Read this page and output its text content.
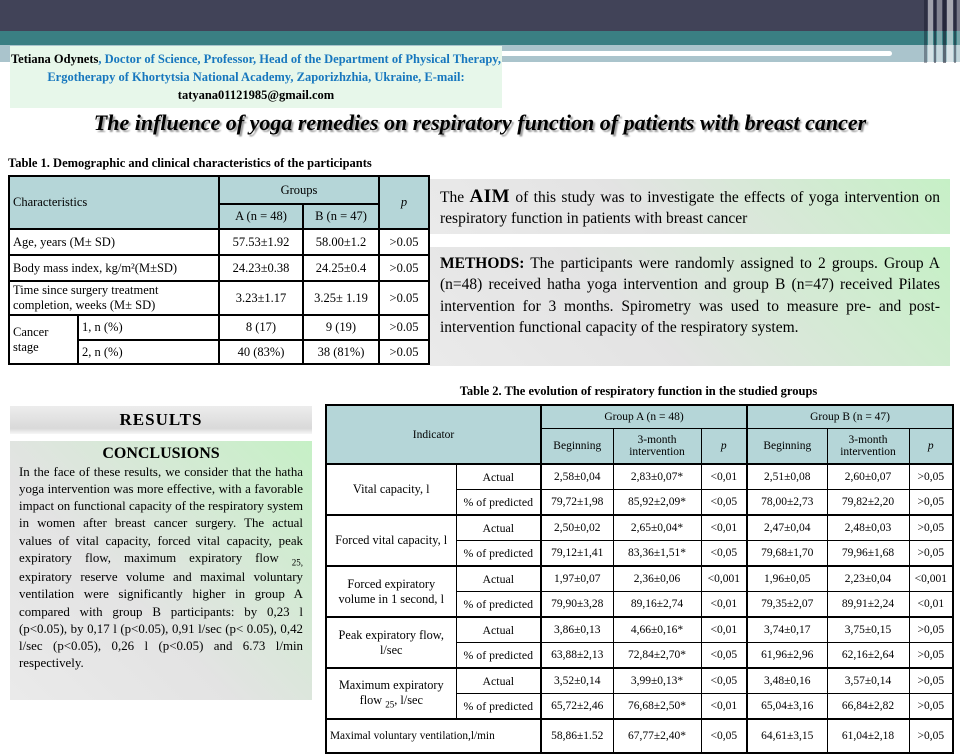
Tetiana Odynets, Doctor of Science, Professor, Head of the Department of Physical Therapy, Ergotherapy of Khortytsia National Academy, Zaporizhzhia, Ukraine, E-mail: tatyana01121985@gmail.com
The influence of yoga remedies on respiratory function of patients with breast cancer
Table 1. Demographic and clinical characteristics of the participants
Characteristics		Groups		p
		A (n = 48)	B (n = 47)	
Age, years (M± SD)		57.53±1.92	58.00±1.2	>0.05
Body mass index, kg/m²(M±SD)		24.23±0.38	24.25±0.4	>0.05
Time since surgery treatment completion, weeks (M± SD)		3.23±1.17	3.25± 1.19	>0.05
Cancer stage	1, n (%)	8 (17)	9 (19)	>0.05
	2, n (%)	40 (83%)	38 (81%)	>0.05
The AIM of this study was to investigate the effects of yoga intervention on respiratory function in patients with breast cancer
METHODS: The participants were randomly assigned to 2 groups. Group A (n=48) received hatha yoga intervention and group B (n=47) received Pilates intervention for 3 months. Spirometry was used to measure pre- and post-intervention functional capacity of the respiratory system.
Table 2. The evolution of respiratory function in the studied groups
RESULTS
CONCLUSIONS
In the face of these results, we consider that the hatha yoga intervention was more effective, with a favorable impact on functional capacity of the respiratory system in women after breast cancer surgery. The actual values of vital capacity, forced vital capacity, peak expiratory flow, maximum expiratory flow $_{25,}$ expiratory reserve volume and maximal voluntary ventilation were significantly higher in group A compared with group B participants: by 0,23 l (p<0.05), by 0,17 l (p<0.05), 0,91 l/sec (p< 0.05), 0,42 l/sec (p<0.05), 0,26 l (p<0.05) and 6.73 l/min respectively.
Indicator		Group A (n = 48)			Group B (n = 47)		
		Beginning	3-month intervention	p	Beginning	3-month intervention	p
Vital capacity, l	Actual	2,58±0,04	2,83±0,07*	<0,01	2,51±0,08	2,60±0,07	>0,05
	% of predicted	79,72±1,98	85,92±2,09*	<0,05	78,00±2,73	79,82±2,20	>0,05
Forced vital capacity, l	Actual	2,50±0,02	2,65±0,04*	<0,01	2,47±0,04	2,48±0,03	>0,05
	% of predicted	79,12±1,41	83,36±1,51*	<0,05	79,68±1,70	79,96±1,68	>0,05
Forced expiratory volume in 1 second, l	Actual	1,97±0,07	2,36±0,06	<0,001	1,96±0,05	2,23±0,04	<0,001
	% of predicted	79,90±3,28	89,16±2,74	<0,01	79,35±2,07	89,91±2,24	<0,01
Peak expiratory flow, l/sec	Actual	3,86±0,13	4,66±0,16*	<0,01	3,74±0,17	3,75±0,15	>0,05
	% of predicted	63,88±2,13	72,84±2,70*	<0,05	61,96±2,96	62,16±2,64	>0,05
Maximum expiratory flow $_{25}$, l/sec	Actual	3,52±0,14	3,99±0,13*	<0,05	3,48±0,16	3,57±0,14	>0,05
	% of predicted	65,72±2,46	76,68±2,50*	<0,01	65,04±3,16	66,84±2,82	>0,05
Maximal voluntary ventilation,l/min		58,86±1.52	67,77±2,40*	<0,05	64,61±3,15	61,04±2,18	>0,05
